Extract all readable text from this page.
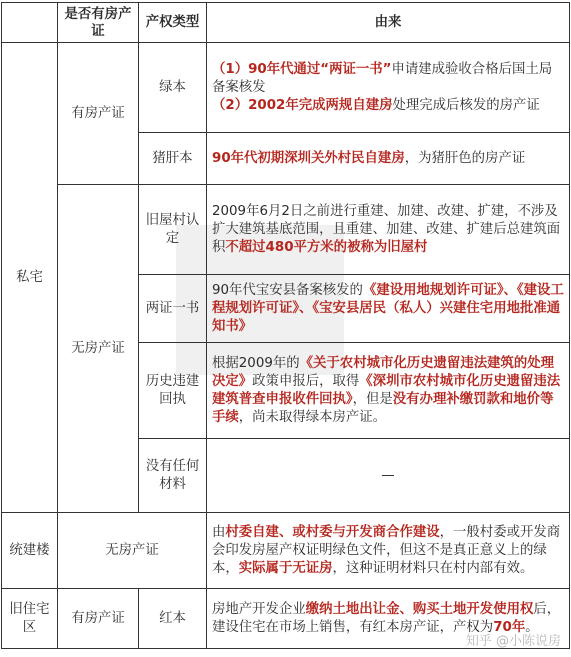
	是否有房产证	产权类型	由来
私宅	有房产证	绿本	（1）90年代通过“两证一书”申请建成验收合格后国土局备案核发
（2）2002年完成两规自建房处理完成后核发的房产证
		猪肝本	90年代初期深圳关外村民自建房，为猪肝色的房产证
	无房产证	旧屋村认定	2009年6月2日之前进行重建、加建、改建、扩建，不涉及扩大建筑基底范围，且重建、加建、改建、扩建后总建筑面积不超过480平方米的被称为旧屋村
		两证一书	90年代宝安县备案核发的《建设用地规划许可证》、《建设工程规划许可证》、《宝安县居民（私人）兴建住宅用地批准通知书》
		历史违建回执	根据2009年的《关于农村城市化历史遗留违法建筑的处理决定》政策申报后，取得《深圳市农村城市化历史遗留违法建筑普查申报收件回执》，但是没有办理补缴罚款和地价等手续，尚未取得绿本房产证。
		没有任何材料	—
统建楼	无房产证		由村委自建、或村委与开发商合作建设，一般村委或开发商会印发房屋产权证明绿色文件，但这不是真正意义上的绿本，实际属于无证房，这种证明材料只在村内部有效。
旧住宅区	有房产证	红本	房地产开发企业缴纳土地出让金、购买土地开发使用权后，建设住宅在市场上销售，有红本房产证，产权为70年。
知乎 @小陈说房
